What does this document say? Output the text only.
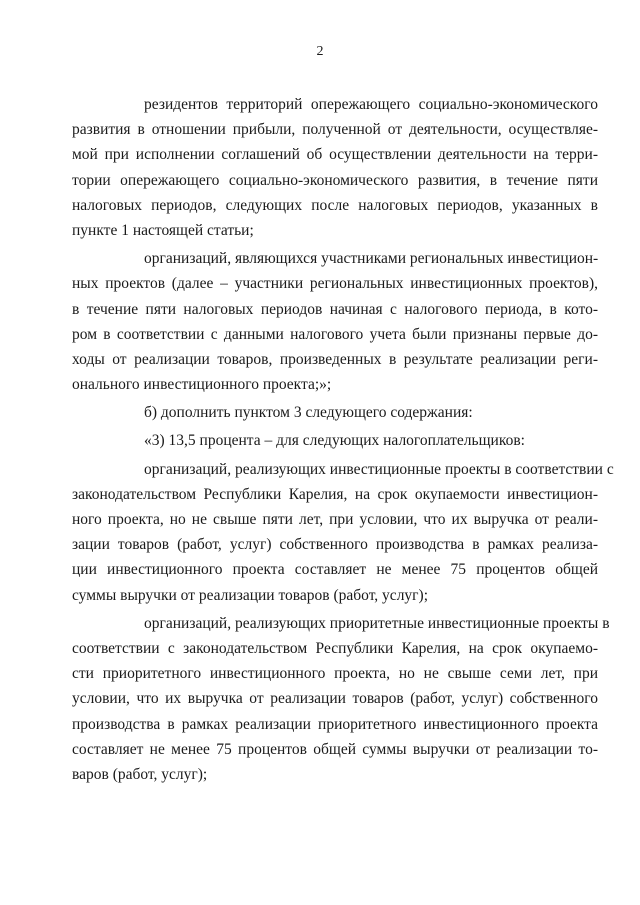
2
резидентов территорий опережающего социально-экономического
развития в отношении прибыли, полученной от деятельности, осуществляе-
мой при исполнении соглашений об осуществлении деятельности на терри-
тории опережающего социально-экономического развития, в течение пяти
налоговых периодов, следующих после налоговых периодов, указанных в
пункте 1 настоящей статьи;
организаций, являющихся участниками региональных инвестицион-
ных проектов (далее – участники региональных инвестиционных проектов),
в течение пяти налоговых периодов начиная с налогового периода, в кото-
ром в соответствии с данными налогового учета были признаны первые до-
ходы от реализации товаров, произведенных в результате реализации реги-
онального инвестиционного проекта;»;
б) дополнить пунктом 3 следующего содержания:
«3) 13,5 процента – для следующих налогоплательщиков:
организаций, реализующих инвестиционные проекты в соответствии с
законодательством Республики Карелия, на срок окупаемости инвестицион-
ного проекта, но не свыше пяти лет, при условии, что их выручка от реали-
зации товаров (работ, услуг) собственного производства в рамках реализа-
ции инвестиционного проекта составляет не менее 75 процентов общей
суммы выручки от реализации товаров (работ, услуг);
организаций, реализующих приоритетные инвестиционные проекты в
соответствии с законодательством Республики Карелия, на срок окупаемо-
сти приоритетного инвестиционного проекта, но не свыше семи лет, при
условии, что их выручка от реализации товаров (работ, услуг) собственного
производства в рамках реализации приоритетного инвестиционного проекта
составляет не менее 75 процентов общей суммы выручки от реализации то-
варов (работ, услуг);
